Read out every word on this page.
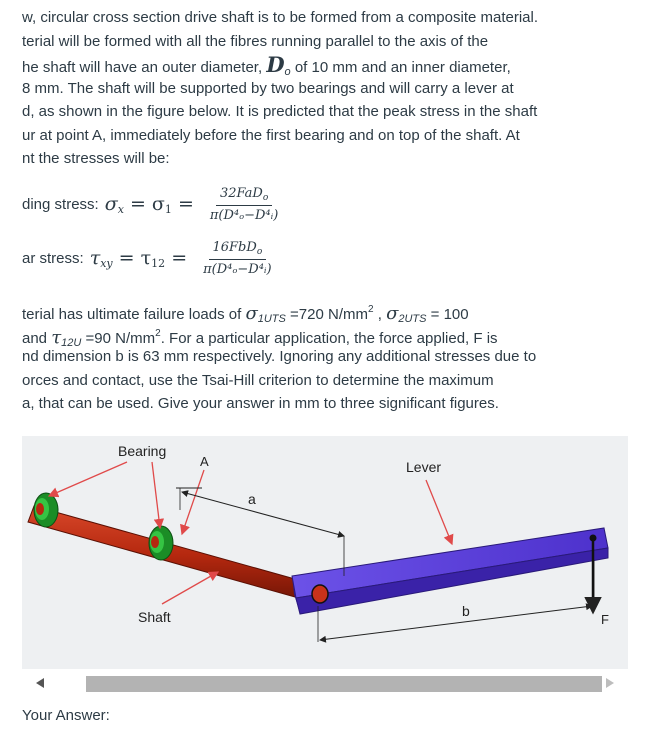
w, circular cross section drive shaft is to be formed from a composite material.
terial will be formed with all the fibres running parallel to the axis of the
he shaft will have an outer diameter, $D_o$ of 10 mm and an inner diameter,
8 mm. The shaft will be supported by two bearings and will carry a lever at
d, as shown in the figure below. It is predicted that the peak stress in the shaft
ur at point A, immediately before the first bearing and on top of the shaft. At
nt the stresses will be:
ding stress: $\sigma_x = \sigma_1 = \frac{32FaD_o}{\text{π(D⁴ₒ−D⁴ᵢ)}}$
ar stress: $\tau_{xy} = \tau_{12} = \frac{16FbD_o}{\text{π(D⁴ₒ−D⁴ᵢ)}}$
terial has ultimate failure loads of $\sigma_{1UTS} =720$ $N/mm^2$ , $\sigma_{2UTS} = 100$
and $\tau_{12U} =90$ $N/mm^2$. For a particular application, the force applied, F is
nd dimension b is 63 mm respectively. Ignoring any additional stresses due to
orces and contact, use the Tsai-Hill criterion to determine the maximum
a, that can be used. Give your answer in mm to three significant figures.
Bearing
A
a
Lever
Shaft	b
F
Your Answer:
